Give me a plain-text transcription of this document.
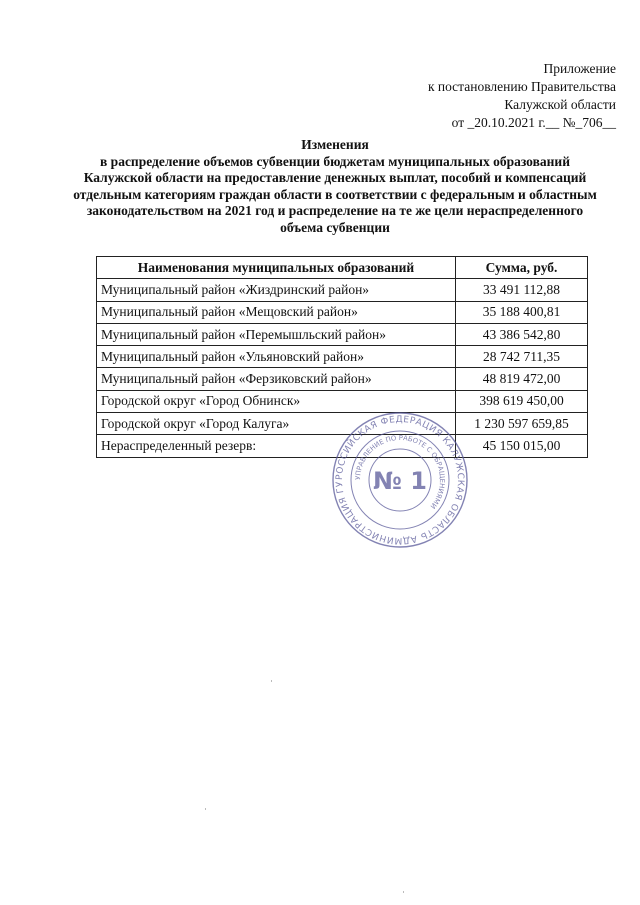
Приложение
к постановлению Правительства
Калужской области
от _20.10.2021 г.__ №_706__
Изменения
в распределение объемов субвенции бюджетам муниципальных образований
Калужской области на предоставление денежных выплат, пособий и компенсаций
отдельным категориям граждан области в соответствии с федеральным и областным
законодательством на 2021 год и распределение на те же цели нераспределенного
объема субвенции
Наименования муниципальных образований	Сумма, руб.
Муниципальный район «Жиздринский район»	33 491 112,88
Муниципальный район «Мещовский район»	35 188 400,81
Муниципальный район «Перемышльский район»	43 386 542,80
Муниципальный район «Ульяновский район»	28 742 711,35
Муниципальный район «Ферзиковский район»	48 819 472,00
Городской округ «Город Обнинск»	398 619 450,00
Городской округ «Город Калуга»	1 230 597 659,85
Нераспределенный резерв:	45 150 015,00
РОССИЙСКАЯ ФЕДЕРАЦИЯ КАЛУЖСКАЯ ОБЛАСТЬ АДМИНИСТРАЦИЯ ГУ
УПРАВЛЕНИЕ ПО РАБОТЕ С ОБРАЩЕНИЯМИ
№ 1
